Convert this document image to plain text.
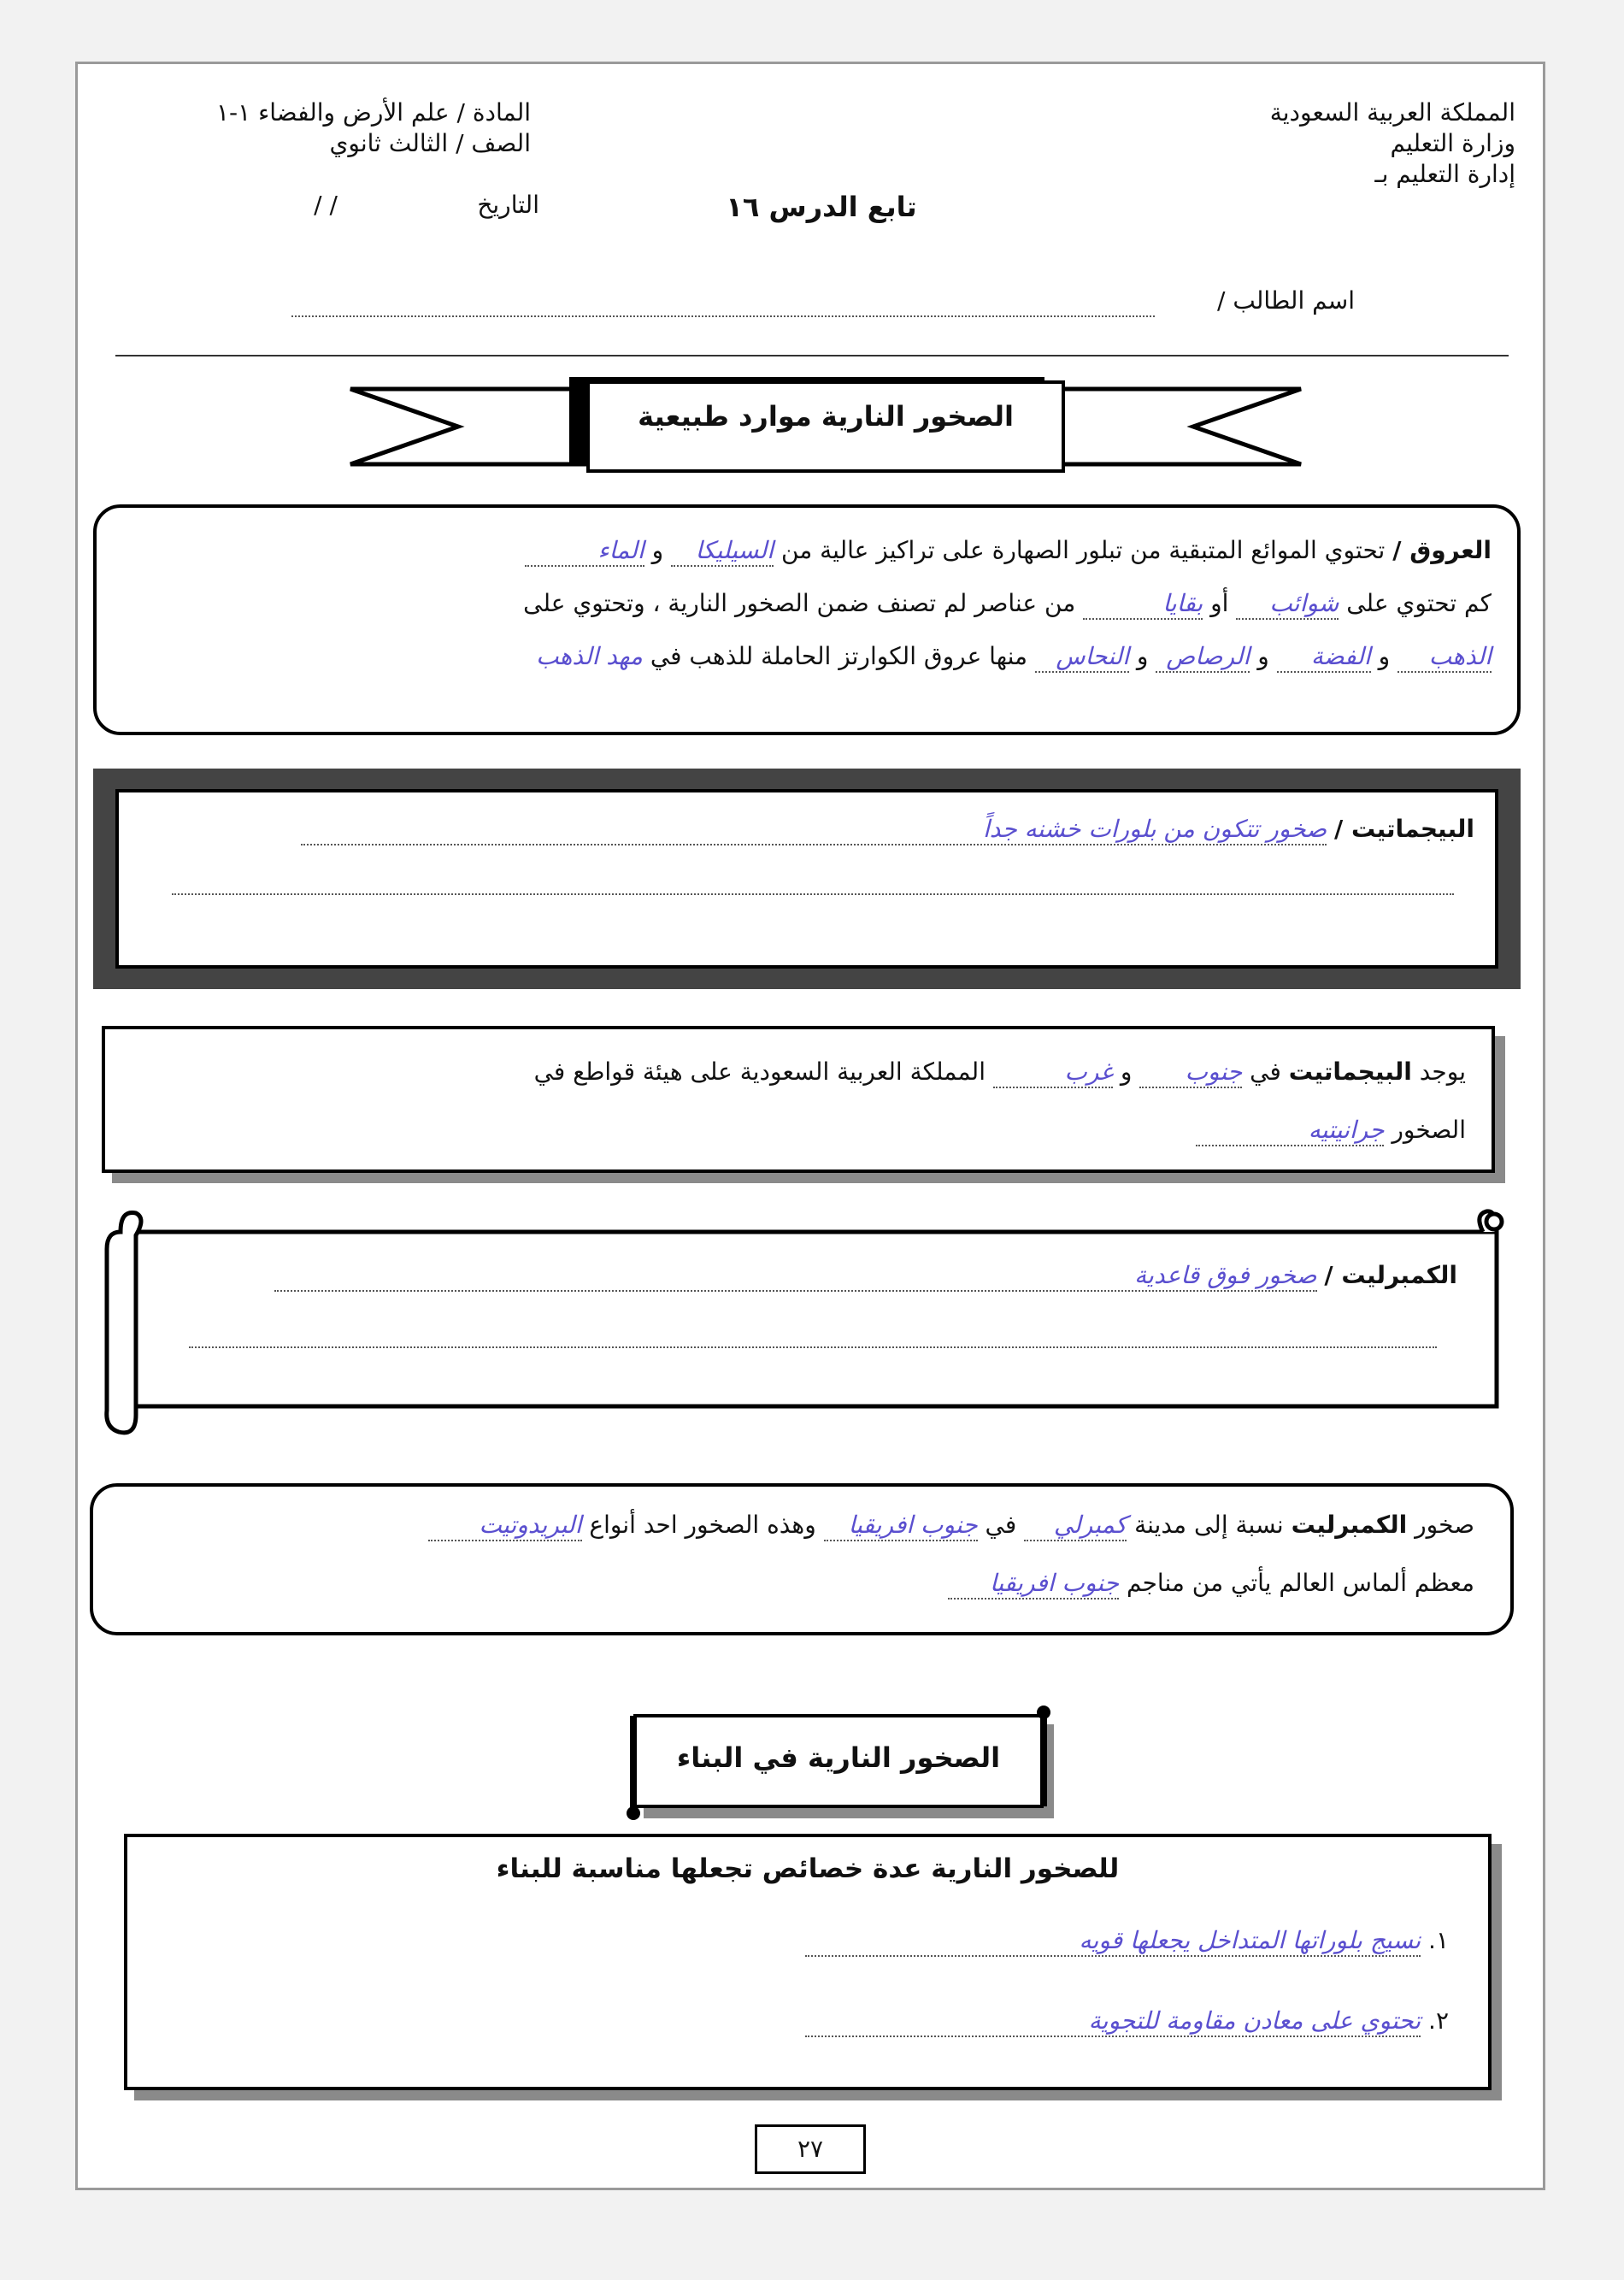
المملكة العربية السعودية
وزارة التعليم
إدارة التعليم بـ
المادة / علم الأرض والفضاء ١-١
الصف / الثالث ثانوي
التاريخ
/ /	تابع الدرس ١٦
اسم الطالب /
الصخور النارية موارد طبيعية
العروق / تحتوي الموائع المتبقية من تبلور الصهارة على تراكيز عالية من السيليكا و الماء
كم تحتوي على شوائب أو بقايا من عناصر لم تصنف ضمن الصخور النارية ، وتحتوي على
الذهب و الفضة و الرصاص و النحاس منها عروق الكوارتز الحاملة للذهب في مهد الذهب
البيجماتيت / صخور تتكون من بلورات خشنه جداً
يوجد البيجماتيت في جنوب و غرب المملكة العربية السعودية على هيئة قواطع في
الصخور جرانيتيه
الكمبرليت / صخور فوق قاعدية
صخور الكمبرليت نسبة إلى مدينة كمبرلي في جنوب افريقيا وهذه الصخور احد أنواع البريدوتيت
معظم ألماس العالم يأتي من مناجم جنوب افريقيا
الصخور النارية في البناء
للصخور النارية عدة خصائص تجعلها مناسبة للبناء
١. نسيج بلوراتها المتداخل يجعلها قويه
٢. تحتوي على معادن مقاومة للتجوية
٢٧
